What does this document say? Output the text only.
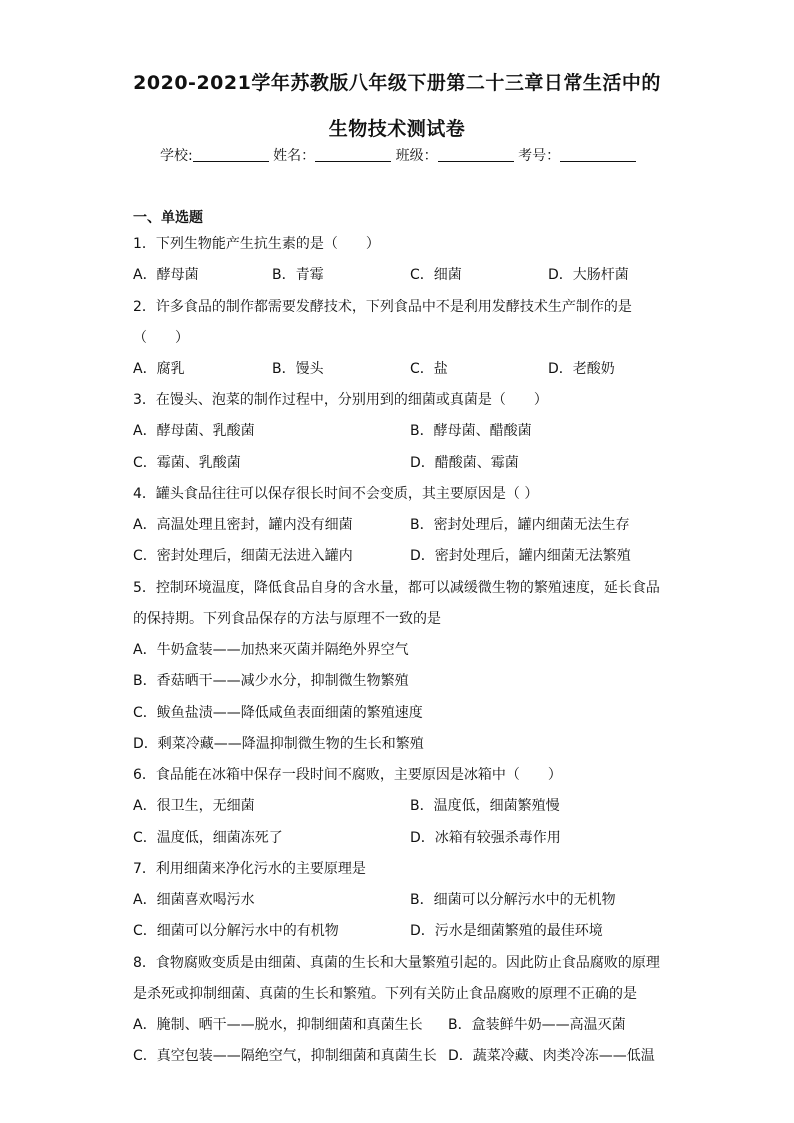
2020-2021学年苏教版八年级下册第二十三章日常生活中的
生物技术测试卷
学校:	姓名：	班级：	考号：
一、单选题
1．下列生物能产生抗生素的是（　　）
A．酵母菌	B．青霉	C．细菌	D．大肠杆菌
2．许多食品的制作都需要发酵技术，下列食品中不是利用发酵技术生产制作的是
（　　）
A．腐乳	B．馒头	C．盐	D．老酸奶
3．在馒头、泡菜的制作过程中，分别用到的细菌或真菌是（　　）
A．酵母菌、乳酸菌	B．酵母菌、醋酸菌
C．霉菌、乳酸菌	D．醋酸菌、霉菌
4．罐头食品往往可以保存很长时间不会变质，其主要原因是（ ）
A．高温处理且密封，罐内没有细菌	B．密封处理后，罐内细菌无法生存
C．密封处理后，细菌无法进入罐内	D．密封处理后，罐内细菌无法繁殖
5．控制环境温度，降低食品自身的含水量，都可以减缓微生物的繁殖速度，延长食品
的保持期。下列食品保存的方法与原理不一致的是
A．牛奶盒装——加热来灭菌并隔绝外界空气
B．香菇晒干——减少水分，抑制微生物繁殖
C．鲅鱼盐渍——降低咸鱼表面细菌的繁殖速度
D．剩菜冷藏——降温抑制微生物的生长和繁殖
6．食品能在冰箱中保存一段时间不腐败，主要原因是冰箱中（　　）
A．很卫生，无细菌	B．温度低，细菌繁殖慢
C．温度低，细菌冻死了	D．冰箱有较强杀毒作用
7．利用细菌来净化污水的主要原理是
A．细菌喜欢喝污水	B．细菌可以分解污水中的无机物
C．细菌可以分解污水中的有机物	D．污水是细菌繁殖的最佳环境
8．食物腐败变质是由细菌、真菌的生长和大量繁殖引起的。因此防止食品腐败的原理
是杀死或抑制细菌、真菌的生长和繁殖。下列有关防止食品腐败的原理不正确的是
A．腌制、晒干——脱水，抑制细菌和真菌生长 B．盒装鲜牛奶——高温灭菌
C．真空包装——隔绝空气，抑制细菌和真菌生长 D．蔬菜冷藏、肉类冷冻——低温
